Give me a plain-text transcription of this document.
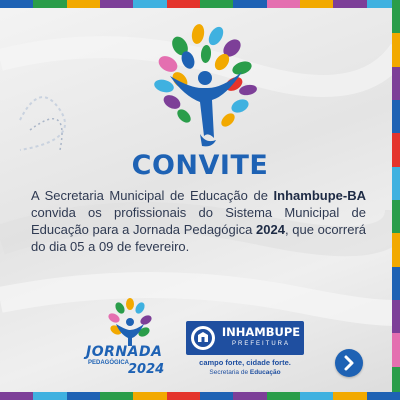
CONVITE
A Secretaria Municipal de Educação de Inhambupe-BA convida os profissionais do Sistema Municipal de Educação para a Jornada Pedagógica 2024, que ocorrerá do dia 05 a 09 de fevereiro.
JORNADA
PEDAGÓGICA
2024
INHAMBUPE
PREFEITURA
campo forte, cidade forte.
Secretaria de Educação
